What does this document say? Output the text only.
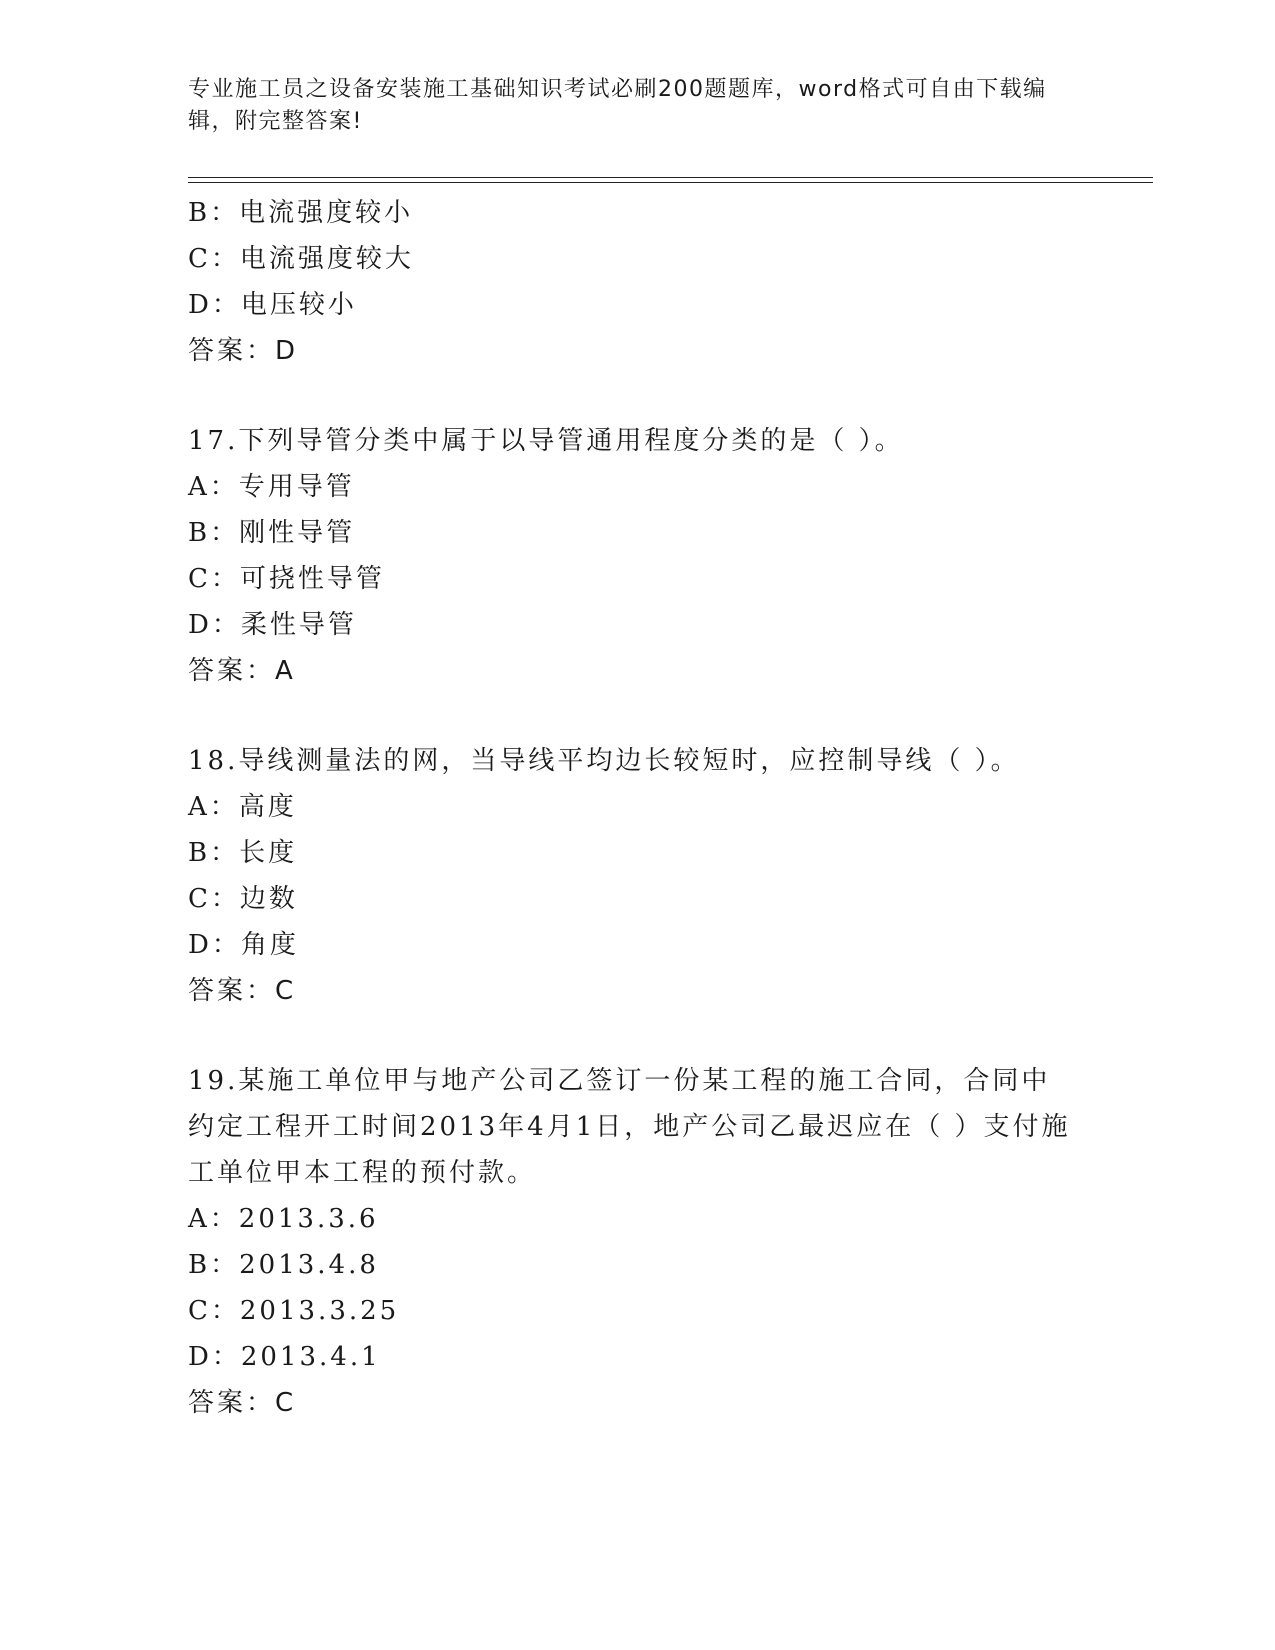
专业施工员之设备安装施工基础知识考试必刷200题题库，word格式可自由下载编辑，附完整答案!
B：电流强度较小
C：电流强度较大
D：电压较小
答案：D
17.下列导管分类中属于以导管通用程度分类的是（ ）。
A：专用导管
B：刚性导管
C：可挠性导管
D：柔性导管
答案：A
18.导线测量法的网，当导线平均边长较短时，应控制导线（ ）。
A：高度
B：长度
C：边数
D：角度
答案：C
19.某施工单位甲与地产公司乙签订一份某工程的施工合同，合同中约定工程开工时间2013年4月1日，地产公司乙最迟应在（ ）支付施工单位甲本工程的预付款。
A：2013.3.6
B：2013.4.8
C：2013.3.25
D：2013.4.1
答案：C
